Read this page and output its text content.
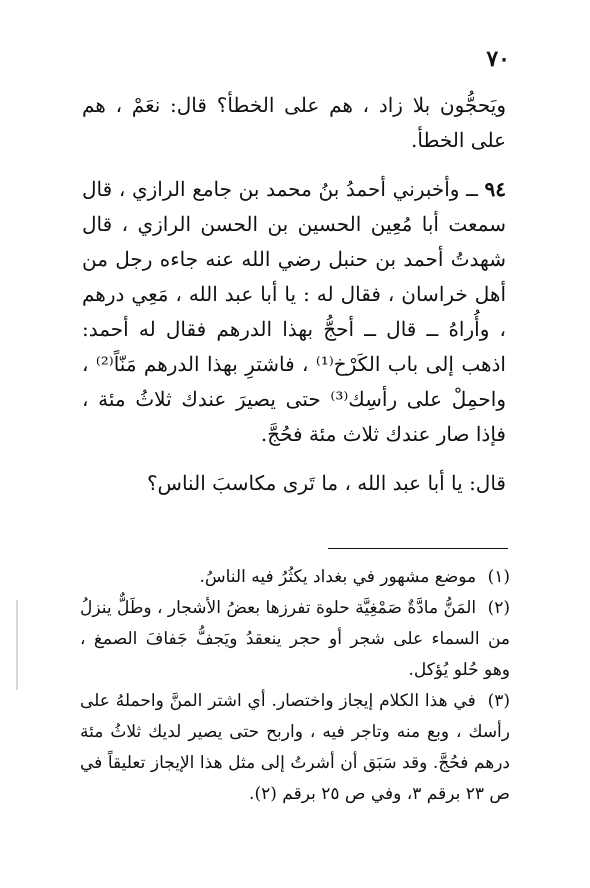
٧٠

ويَحجُّون بلا زاد ، هم على الخطأ؟ قال: نعَمْ ، هم على الخطأ.

٩٤ ــ وأخبرني أحمدُ بنُ محمد بن جامع الرازي ، قال سمعت أبا مُعِين الحسين بن الحسن الرازي ، قال شهدتُ أحمد بن حنبل رضي الله عنه جاءه رجل من أهل خراسان ، فقال له : يا أبا عبد الله ، مَعِي درهم ، وأُراهُ ــ قال ــ أحجُّ بهذا الدرهم فقال له أحمد: اذهب إلى باب الكَرْخ⁽¹⁾ ، فاشترِ بهذا الدرهم مَنّاً⁽²⁾ ، واحمِلْ على رأسِك⁽³⁾ حتى يصيرَ عندك ثلاثُ مئة ، فإذا صار عندك ثلاث مئة فحُجَّ.

قال: يا أبا عبد الله ، ما تَرى مكاسبَ الناس؟

(١) موضع مشهور في بغداد يكثُرُ فيه الناسُ.

(٢) المَنُّ مادَّةٌ صَمْغِيَّة حلوة تفرزها بعضُ الأشجار ، وطَلٌّ ينزلُ من السماء على شجر أو حجر ينعقدُ ويَجفُّ جَفافَ الصمغ ، وهو حُلو يُؤكل.

(٣) في هذا الكلام إيجاز واختصار. أي اشتر المنَّ واحملهُ على رأسك ، وبع منه وتاجر فيه ، واربح حتى يصير لديك ثلاثُ مئة درهم فحُجَّ. وقد سَبَق أن أشرتُ إلى مثل هذا الإيجاز تعليقاً في ص ٢٣ برقم ٣، وفي ص ٢٥ برقم (٢).
